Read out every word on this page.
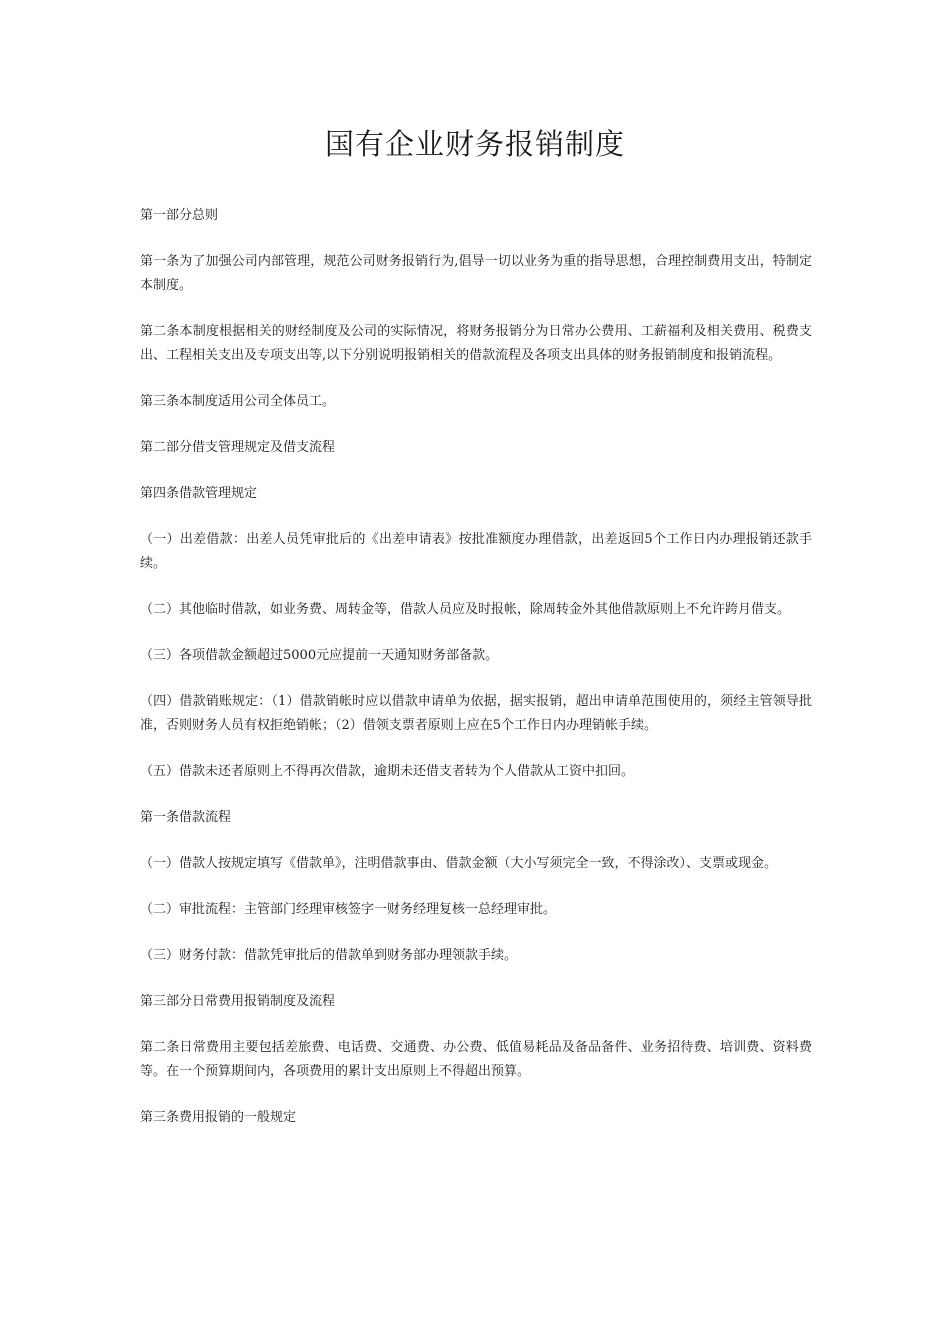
国有企业财务报销制度

第一部分总则

第一条为了加强公司内部管理，规范公司财务报销行为,倡导一切以业务为重的指导思想，合理控制费用支出，特制定本制度。

第二条本制度根据相关的财经制度及公司的实际情况，将财务报销分为日常办公费用、工薪福利及相关费用、税费支出、工程相关支出及专项支出等,以下分别说明报销相关的借款流程及各项支出具体的财务报销制度和报销流程。

第三条本制度适用公司全体员工。

第二部分借支管理规定及借支流程

第四条借款管理规定

（一）出差借款：出差人员凭审批后的《出差申请表》按批准额度办理借款，出差返回5个工作日内办理报销还款手续。

（二）其他临时借款，如业务费、周转金等，借款人员应及时报帐，除周转金外其他借款原则上不允许跨月借支。

（三）各项借款金额超过5000元应提前一天通知财务部备款。

（四）借款销账规定：（1）借款销帐时应以借款申请单为依据，据实报销，超出申请单范围使用的，须经主管领导批准，否则财务人员有权拒绝销帐；（2）借领支票者原则上应在5个工作日内办理销帐手续。

（五）借款未还者原则上不得再次借款，逾期未还借支者转为个人借款从工资中扣回。

第一条借款流程

（一）借款人按规定填写《借款单》，注明借款事由、借款金额（大小写须完全一致，不得涂改）、支票或现金。

（二）审批流程：主管部门经理审核签字一财务经理复核一总经理审批。

（三）财务付款：借款凭审批后的借款单到财务部办理领款手续。

第三部分日常费用报销制度及流程

第二条日常费用主要包括差旅费、电话费、交通费、办公费、低值易耗品及备品备件、业务招待费、培训费、资料费等。在一个预算期间内，各项费用的累计支出原则上不得超出预算。

第三条费用报销的一般规定
